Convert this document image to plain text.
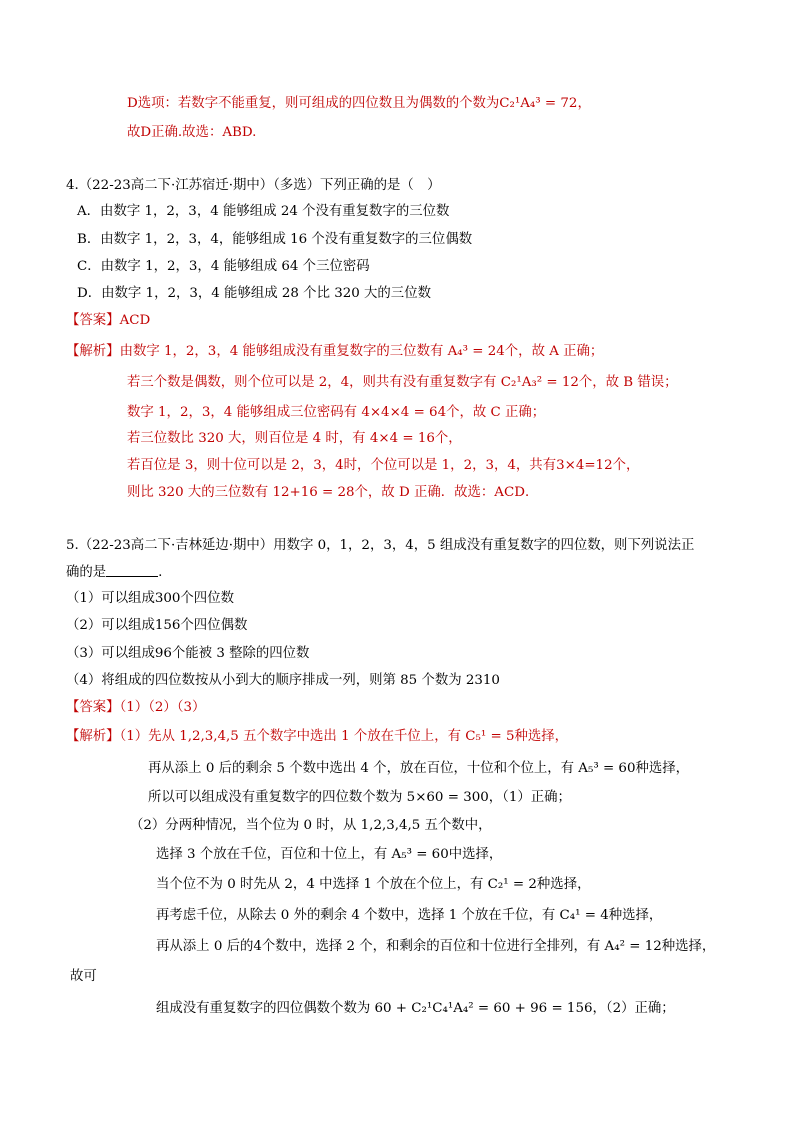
D选项：若数字不能重复，则可组成的四位数且为偶数的个数为C₂¹A₄³ = 72，
故D正确.故选：ABD.
4.（22-23高二下·江苏宿迁·期中）（多选）下列正确的是（　）
A．由数字 1，2，3，4 能够组成 24 个没有重复数字的三位数
B．由数字 1，2，3，4，能够组成 16 个没有重复数字的三位偶数
C．由数字 1，2，3，4 能够组成 64 个三位密码
D．由数字 1，2，3，4 能够组成 28 个比 320 大的三位数
【答案】ACD
【解析】由数字 1，2，3，4 能够组成没有重复数字的三位数有 A₄³ = 24个，故 A 正确；
若三个数是偶数，则个位可以是 2，4，则共有没有重复数字有 C₂¹A₃² = 12个，故 B 错误；
数字 1，2，3，4 能够组成三位密码有 4×4×4 = 64个，故 C 正确；
若三位数比 320 大，则百位是 4 时，有 4×4 = 16个，
若百位是 3，则十位可以是 2，3，4时，个位可以是 1，2，3，4，共有3×4=12个，
则比 320 大的三位数有 12+16 = 28个，故 D 正确．故选：ACD．
5.（22-23高二下·吉林延边·期中）用数字 0，1，2，3，4，5 组成没有重复数字的四位数，则下列说法正
确的是	.
（1）可以组成300个四位数
（2）可以组成156个四位偶数
（3）可以组成96个能被 3 整除的四位数
（4）将组成的四位数按从小到大的顺序排成一列，则第 85 个数为 2310
【答案】（1）（2）（3）
【解析】（1）先从 1,2,3,4,5 五个数字中选出 1 个放在千位上，有 C₅¹ = 5种选择，
再从添上 0 后的剩余 5 个数中选出 4 个，放在百位，十位和个位上，有 A₅³ = 60种选择，
所以可以组成没有重复数字的四位数个数为 5×60 = 300，（1）正确；
（2）分两种情况，当个位为 0 时，从 1,2,3,4,5 五个数中，
选择 3 个放在千位，百位和十位上，有 A₅³ = 60中选择，
当个位不为 0 时先从 2，4 中选择 1 个放在个位上，有 C₂¹ = 2种选择，
再考虑千位，从除去 0 外的剩余 4 个数中，选择 1 个放在千位，有 C₄¹ = 4种选择，
再从添上 0 后的4个数中，选择 2 个，和剩余的百位和十位进行全排列，有 A₄² = 12种选择，
故可
组成没有重复数字的四位偶数个数为 60 + C₂¹C₄¹A₄² = 60 + 96 = 156，（2）正确；
